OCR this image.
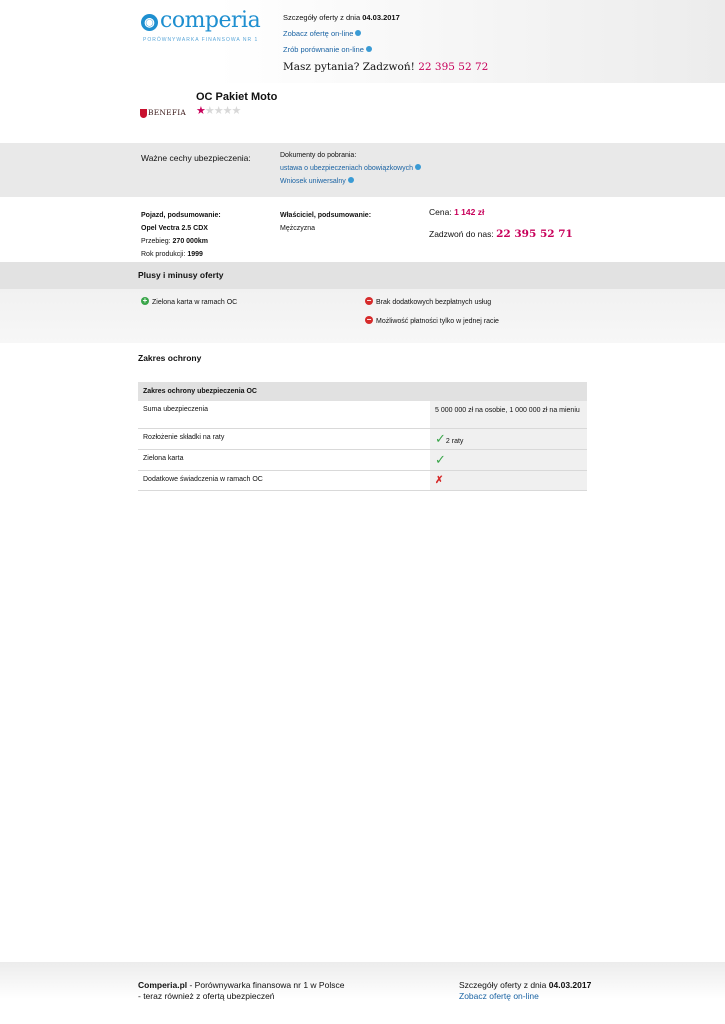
◉ comperia
PORÓWNYWARKA FINANSOWA NR 1
Szczegóły oferty z dnia 04.03.2017
Zobacz ofertę on-line
Zrób porównanie on-line
Masz pytania? Zadzwoń! 22 395 52 72
BENEFIA
OC Pakiet Moto
★★★★★
Ważne cechy ubezpieczenia:	Dokumenty do pobrania:
ustawa o ubezpieczeniach obowiązkowych
Wniosek uniwersalny
Pojazd, podsumowanie:
Opel Vectra 2.5 CDX
Przebieg: 270 000km
Rok produkcji: 1999
Właściciel, podsumowanie:
Mężczyzna
Cena: 1 142 zł
Zadzwoń do nas: 22 395 52 71
Plusy i minusy oferty
+ Zielona karta w ramach OC	− Brak dodatkowych bezpłatnych usług
− Możliwość płatności tylko w jednej racie
Zakres ochrony
Zakres ochrony ubezpieczenia OC
Suma ubezpieczenia	5 000 000 zł na osobie, 1 000 000 zł na mieniu
Rozłożenie składki na raty	✓2 raty
Zielona karta	✓
Dodatkowe świadczenia w ramach OC	✗
Comperia.pl - Porównywarka finansowa nr 1 w Polsce
- teraz również z ofertą ubezpieczeń
Szczegóły oferty z dnia 04.03.2017
Zobacz ofertę on-line
